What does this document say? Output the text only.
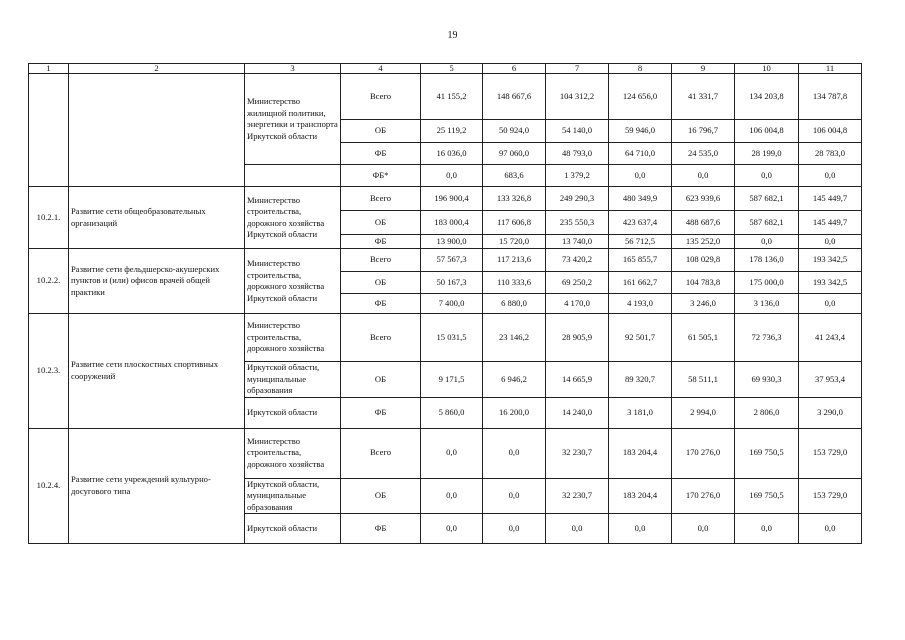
19
1	2	3	4	5	6	7	8	9	10	11
		Министерство жилищной политики, энергетики и транспорта Иркутской области	Всего	41 155,2	148 667,6	104 312,2	124 656,0	41 331,7	134 203,8	134 787,8
			ОБ	25 119,2	50 924,0	54 140,0	59 946,0	16 796,7	106 004,8	106 004,8
			ФБ	16 036,0	97 060,0	48 793,0	64 710,0	24 535,0	28 199,0	28 783,0
			ФБ*	0,0	683,6	1 379,2	0,0	0,0	0,0	0,0
10.2.1.	Развитие сети общеобразовательных организаций	Министерство строительства, дорожного хозяйства Иркутской области	Всего	196 900,4	133 326,8	249 290,3	480 349,9	623 939,6	587 682,1	145 449,7
			ОБ	183 000,4	117 606,8	235 550,3	423 637,4	488 687,6	587 682,1	145 449,7
			ФБ	13 900,0	15 720,0	13 740,0	56 712,5	135 252,0	0,0	0,0
10.2.2.	Развитие сети фельдшерско-акушерских пунктов и (или) офисов врачей общей практики	Министерство строительства, дорожного хозяйства Иркутской области	Всего	57 567,3	117 213,6	73 420,2	165 855,7	108 029,8	178 136,0	193 342,5
			ОБ	50 167,3	110 333,6	69 250,2	161 662,7	104 783,8	175 000,0	193 342,5
			ФБ	7 400,0	6 880,0	4 170,0	4 193,0	3 246,0	3 136,0	0,0
10.2.3.	Развитие сети плоскостных спортивных сооружений	Министерство строительства, дорожного хозяйства	Всего	15 031,5	23 146,2	28 905,9	92 501,7	61 505,1	72 736,3	41 243,4
		Иркутской области, муниципальные образования	ОБ	9 171,5	6 946,2	14 665,9	89 320,7	58 511,1	69 930,3	37 953,4
		Иркутской области	ФБ	5 860,0	16 200,0	14 240,0	3 181,0	2 994,0	2 806,0	3 290,0
10.2.4.	Развитие сети учреждений культурно-досугового типа	Министерство строительства, дорожного хозяйства	Всего	0,0	0,0	32 230,7	183 204,4	170 276,0	169 750,5	153 729,0
		Иркутской области, муниципальные образования	ОБ	0,0	0,0	32 230,7	183 204,4	170 276,0	169 750,5	153 729,0
		Иркутской области	ФБ	0,0	0,0	0,0	0,0	0,0	0,0	0,0
